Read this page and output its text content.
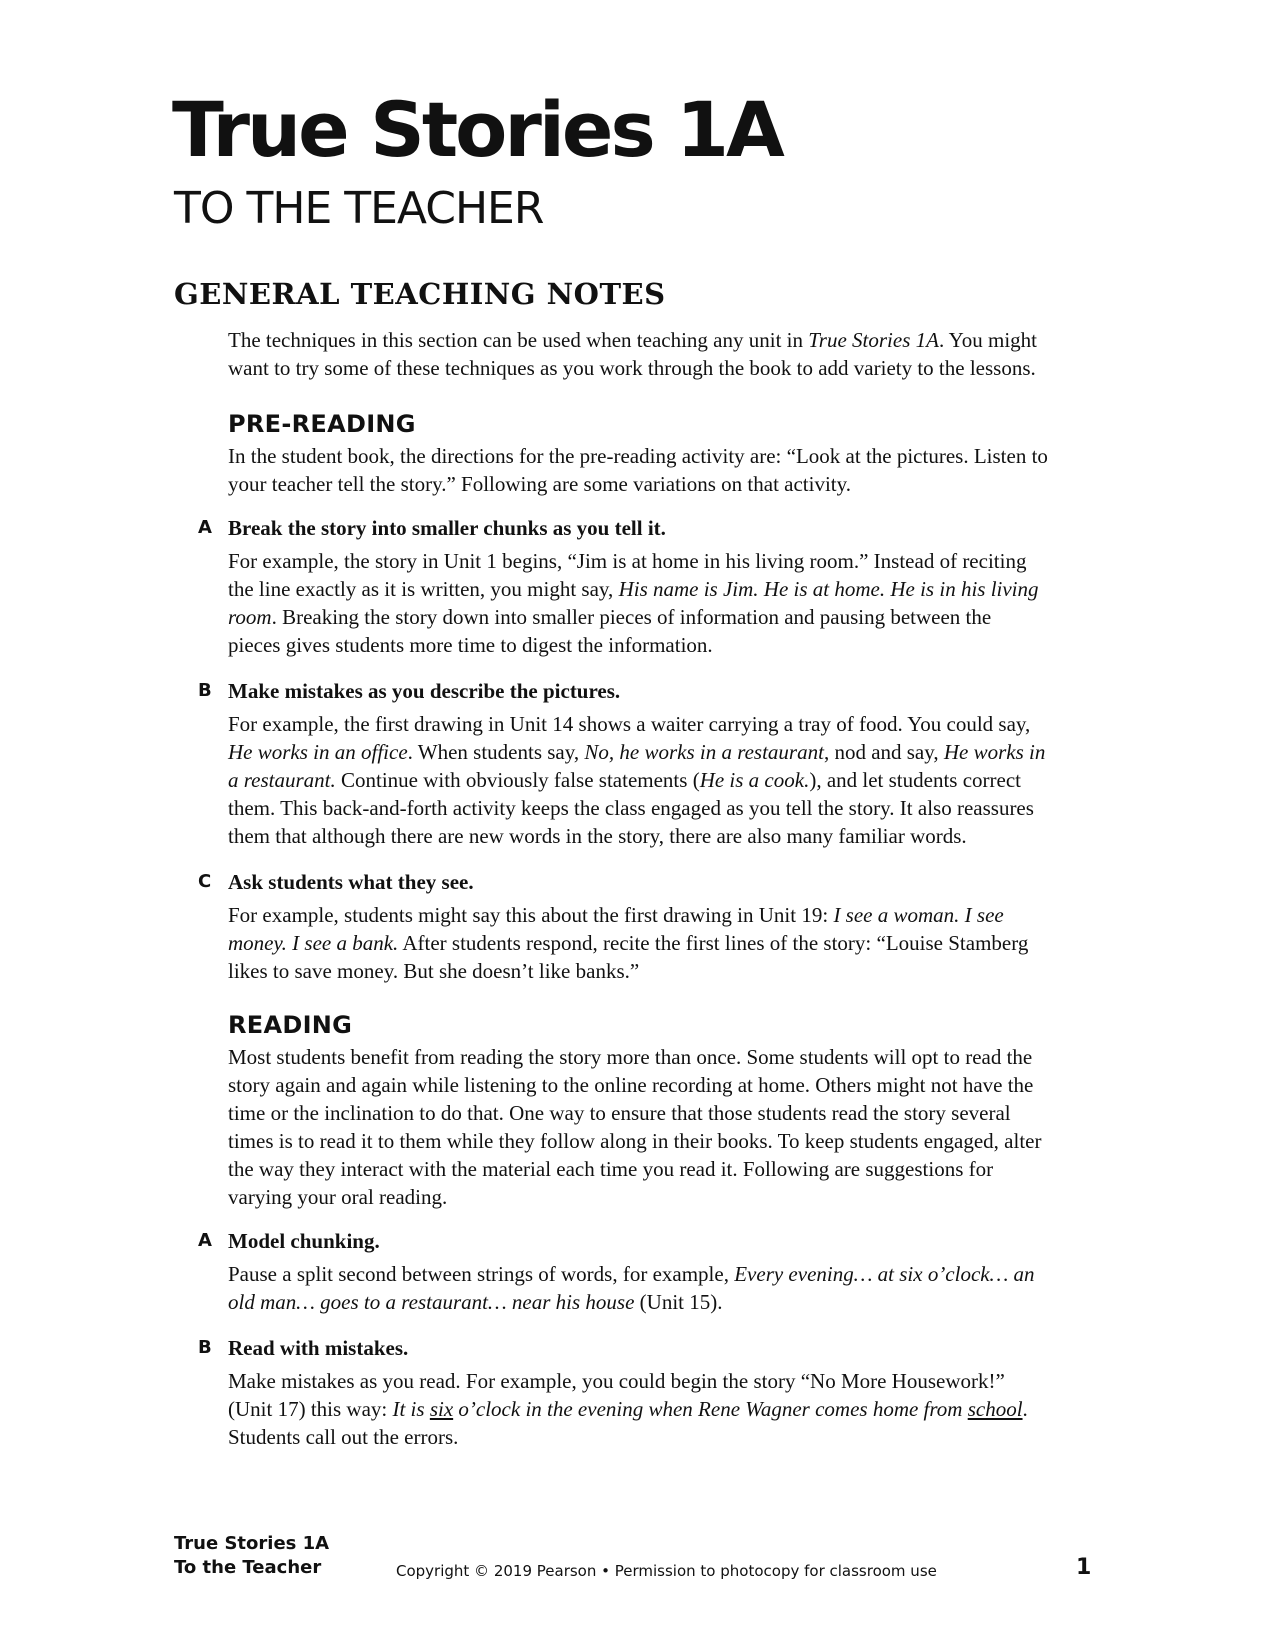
True Stories 1A
TO THE TEACHER
GENERAL TEACHING NOTES

The techniques in this section can be used when teaching any unit in True Stories 1A. You might want to try some of these techniques as you work through the book to add variety to the lessons.

PRE-READING

In the student book, the directions for the pre-reading activity are: “Look at the pictures. Listen to your teacher tell the story.” Following are some variations on that activity.

A Break the story into smaller chunks as you tell it.

For example, the story in Unit 1 begins, “Jim is at home in his living room.” Instead of reciting the line exactly as it is written, you might say, His name is Jim. He is at home. He is in his living room. Breaking the story down into smaller pieces of information and pausing between the pieces gives students more time to digest the information.

B Make mistakes as you describe the pictures.

For example, the first drawing in Unit 14 shows a waiter carrying a tray of food. You could say, He works in an office. When students say, No, he works in a restaurant, nod and say, He works in a restaurant. Continue with obviously false statements (He is a cook.), and let students correct them. This back-and-forth activity keeps the class engaged as you tell the story. It also reassures them that although there are new words in the story, there are also many familiar words.

C Ask students what they see.

For example, students might say this about the first drawing in Unit 19: I see a woman. I see money. I see a bank. After students respond, recite the first lines of the story: “Louise Stamberg likes to save money. But she doesn’t like banks.”

READING

Most students benefit from reading the story more than once. Some students will opt to read the story again and again while listening to the online recording at home. Others might not have the time or the inclination to do that. One way to ensure that those students read the story several times is to read it to them while they follow along in their books. To keep students engaged, alter the way they interact with the material each time you read it. Following are suggestions for varying your oral reading.

A Model chunking.

Pause a split second between strings of words, for example, Every evening… at six o’clock… an old man… goes to a restaurant… near his house (Unit 15).

B Read with mistakes.

Make mistakes as you read. For example, you could begin the story “No More Housework!” (Unit 17) this way: It is six o’clock in the evening when Rene Wagner comes home from school. Students call out the errors.

True Stories 1A
To the Teacher	Copyright © 2019 Pearson • Permission to photocopy for classroom use	1
